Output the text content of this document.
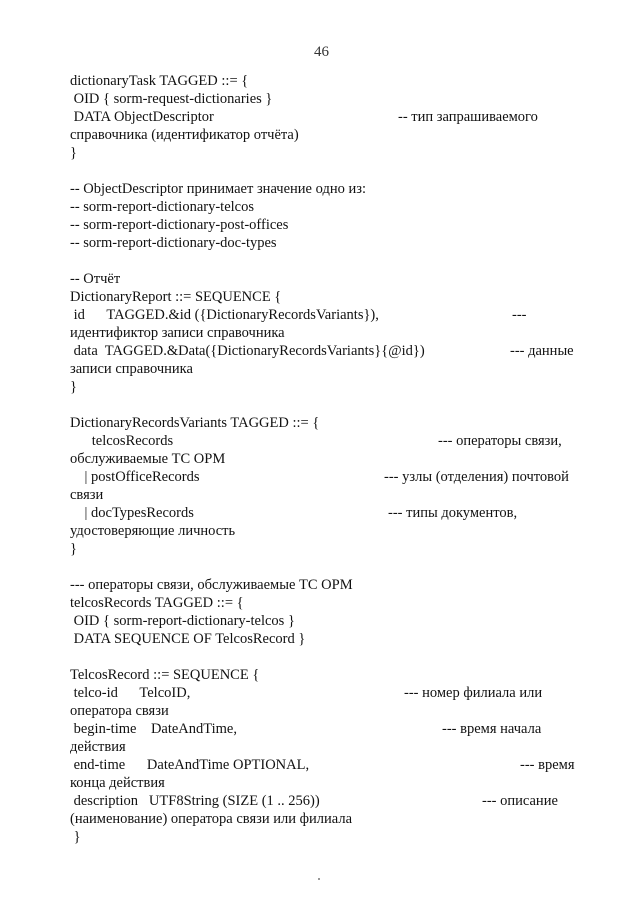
46
dictionaryTask TAGGED ::= {
OID { sorm-request-dictionaries }
DATA ObjectDescriptor	-- тип запрашиваемого
справочника (идентификатор отчёта)
}
-- ObjectDescriptor принимает значение одно из:
-- sorm-report-dictionary-telcos
-- sorm-report-dictionary-post-offices
-- sorm-report-dictionary-doc-types
-- Отчёт
DictionaryReport ::= SEQUENCE {
id      TAGGED.&id ({DictionaryRecordsVariants}),	---
идентификтор записи справочника
data  TAGGED.&Data({DictionaryRecordsVariants}{@id})	--- данные
записи справочника
}
DictionaryRecordsVariants TAGGED ::= {
telcosRecords	--- операторы связи,
обслуживаемые ТС ОРМ
| postOfficeRecords	--- узлы (отделения) почтовой
связи
| docTypesRecords	--- типы документов,
удостоверяющие личность
}
--- операторы связи, обслуживаемые ТС ОРМ
telcosRecords TAGGED ::= {
OID { sorm-report-dictionary-telcos }
DATA SEQUENCE OF TelcosRecord }
TelcosRecord ::= SEQUENCE {
telco-id      TelcoID,	--- номер филиала или
оператора связи
begin-time    DateAndTime,	--- время начала
действия
end-time      DateAndTime OPTIONAL,	--- время
конца действия
description   UTF8String (SIZE (1 .. 256))	--- описание
(наименование) оператора связи или филиала
}
